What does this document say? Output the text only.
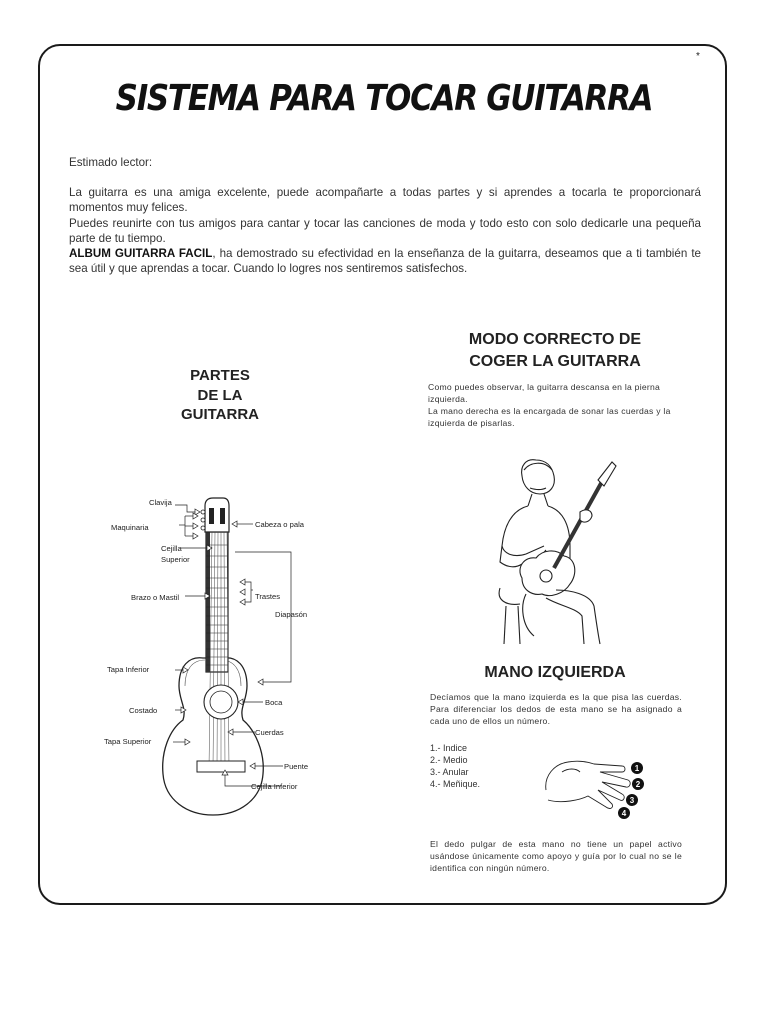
*
SISTEMA PARA TOCAR GUITARRA

Estimado lector:

La guitarra es una amiga excelente, puede acompañarte a todas partes y si aprendes a tocarla te proporcionará momentos muy felices.

Puedes reunirte con tus amigos para cantar y tocar las canciones de moda y todo esto con solo dedicarle una pequeña parte de tu tiempo.

ALBUM GUITARRA FACIL, ha demostrado su efectividad en la enseñanza de la guitarra, deseamos que a ti también te sea útil y que aprendas a tocar. Cuando lo logres nos sentiremos satisfechos.

PARTES
DE LA
GUITARRA
Clavija
Maquinaria
Cejilla
Superior
Cabeza o pala
Brazo o Mastil	Trastes
Diapasón
Tapa Inferior
Costado
Tapa Superior
Boca
Cuerdas
Puente
Cejilla Inferior
MODO CORRECTO DE
COGER LA GUITARRA
Como puedes observar, la guitarra descansa en la pierna izquierda.
La mano derecha es la encargada de sonar las cuerdas y la izquierda de pisarlas.
MANO IZQUIERDA
Decíamos que la mano izquierda es la que pisa las cuerdas. Para diferenciar los dedos de esta mano se ha asignado a cada uno de ellos un número.
1.- Indice
2.- Medio
3.- Anular
4.- Meñique.
1
2
3
4
El dedo pulgar de esta mano no tiene un papel activo usándose únicamente como apoyo y guía por lo cual no se le identifica con ningún número.
